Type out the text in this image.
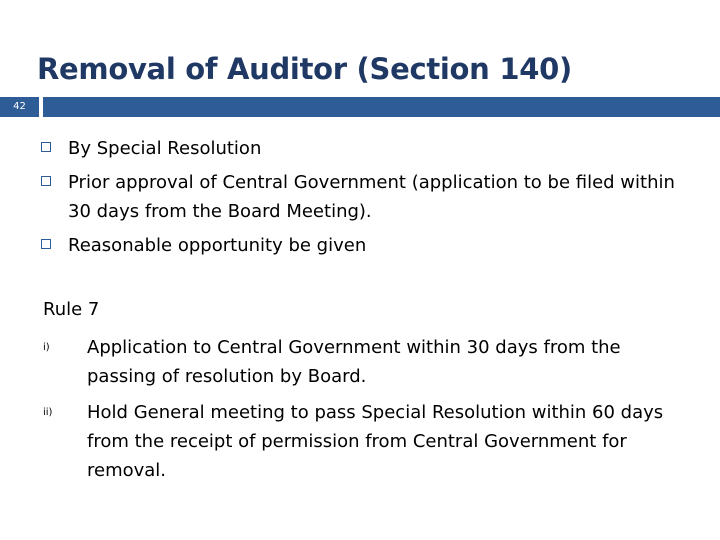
Removal of Auditor (Section 140)
42
By Special Resolution
Prior approval of Central Government (application to be filed within 30 days from the Board Meeting).
Reasonable opportunity be given
Rule 7
i) Application to Central Government within 30 days from the passing of resolution by Board.
ii) Hold General meeting to pass Special Resolution within 60 days from the receipt of permission from Central Government for removal.
